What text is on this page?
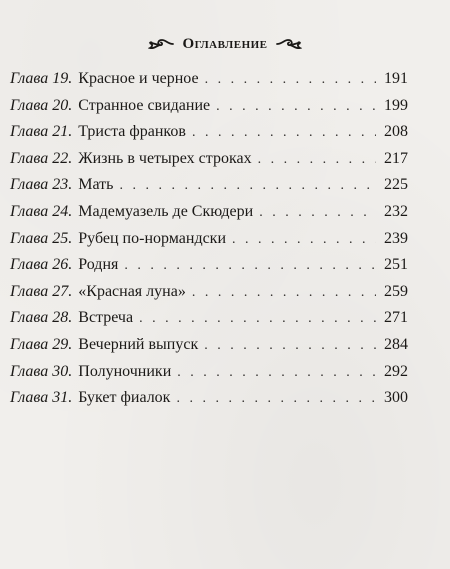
Оглавление
Глава 19. Красное и черное . . .	191
Глава 20. Странное свидание . . .	199
Глава 21. Триста франков . . .	208
Глава 22. Жизнь в четырех строках . . .	217
Глава 23. Мать . . .	225
Глава 24. Мадемуазель де Скюдери . . .	232
Глава 25. Рубец по-нормандски . . .	239
Глава 26. Родня . . .	251
Глава 27. «Красная луна» . . .	259
Глава 28. Встреча . . .	271
Глава 29. Вечерний выпуск . . .	284
Глава 30. Полуночники . . .	292
Глава 31. Букет фиалок . . .	300
